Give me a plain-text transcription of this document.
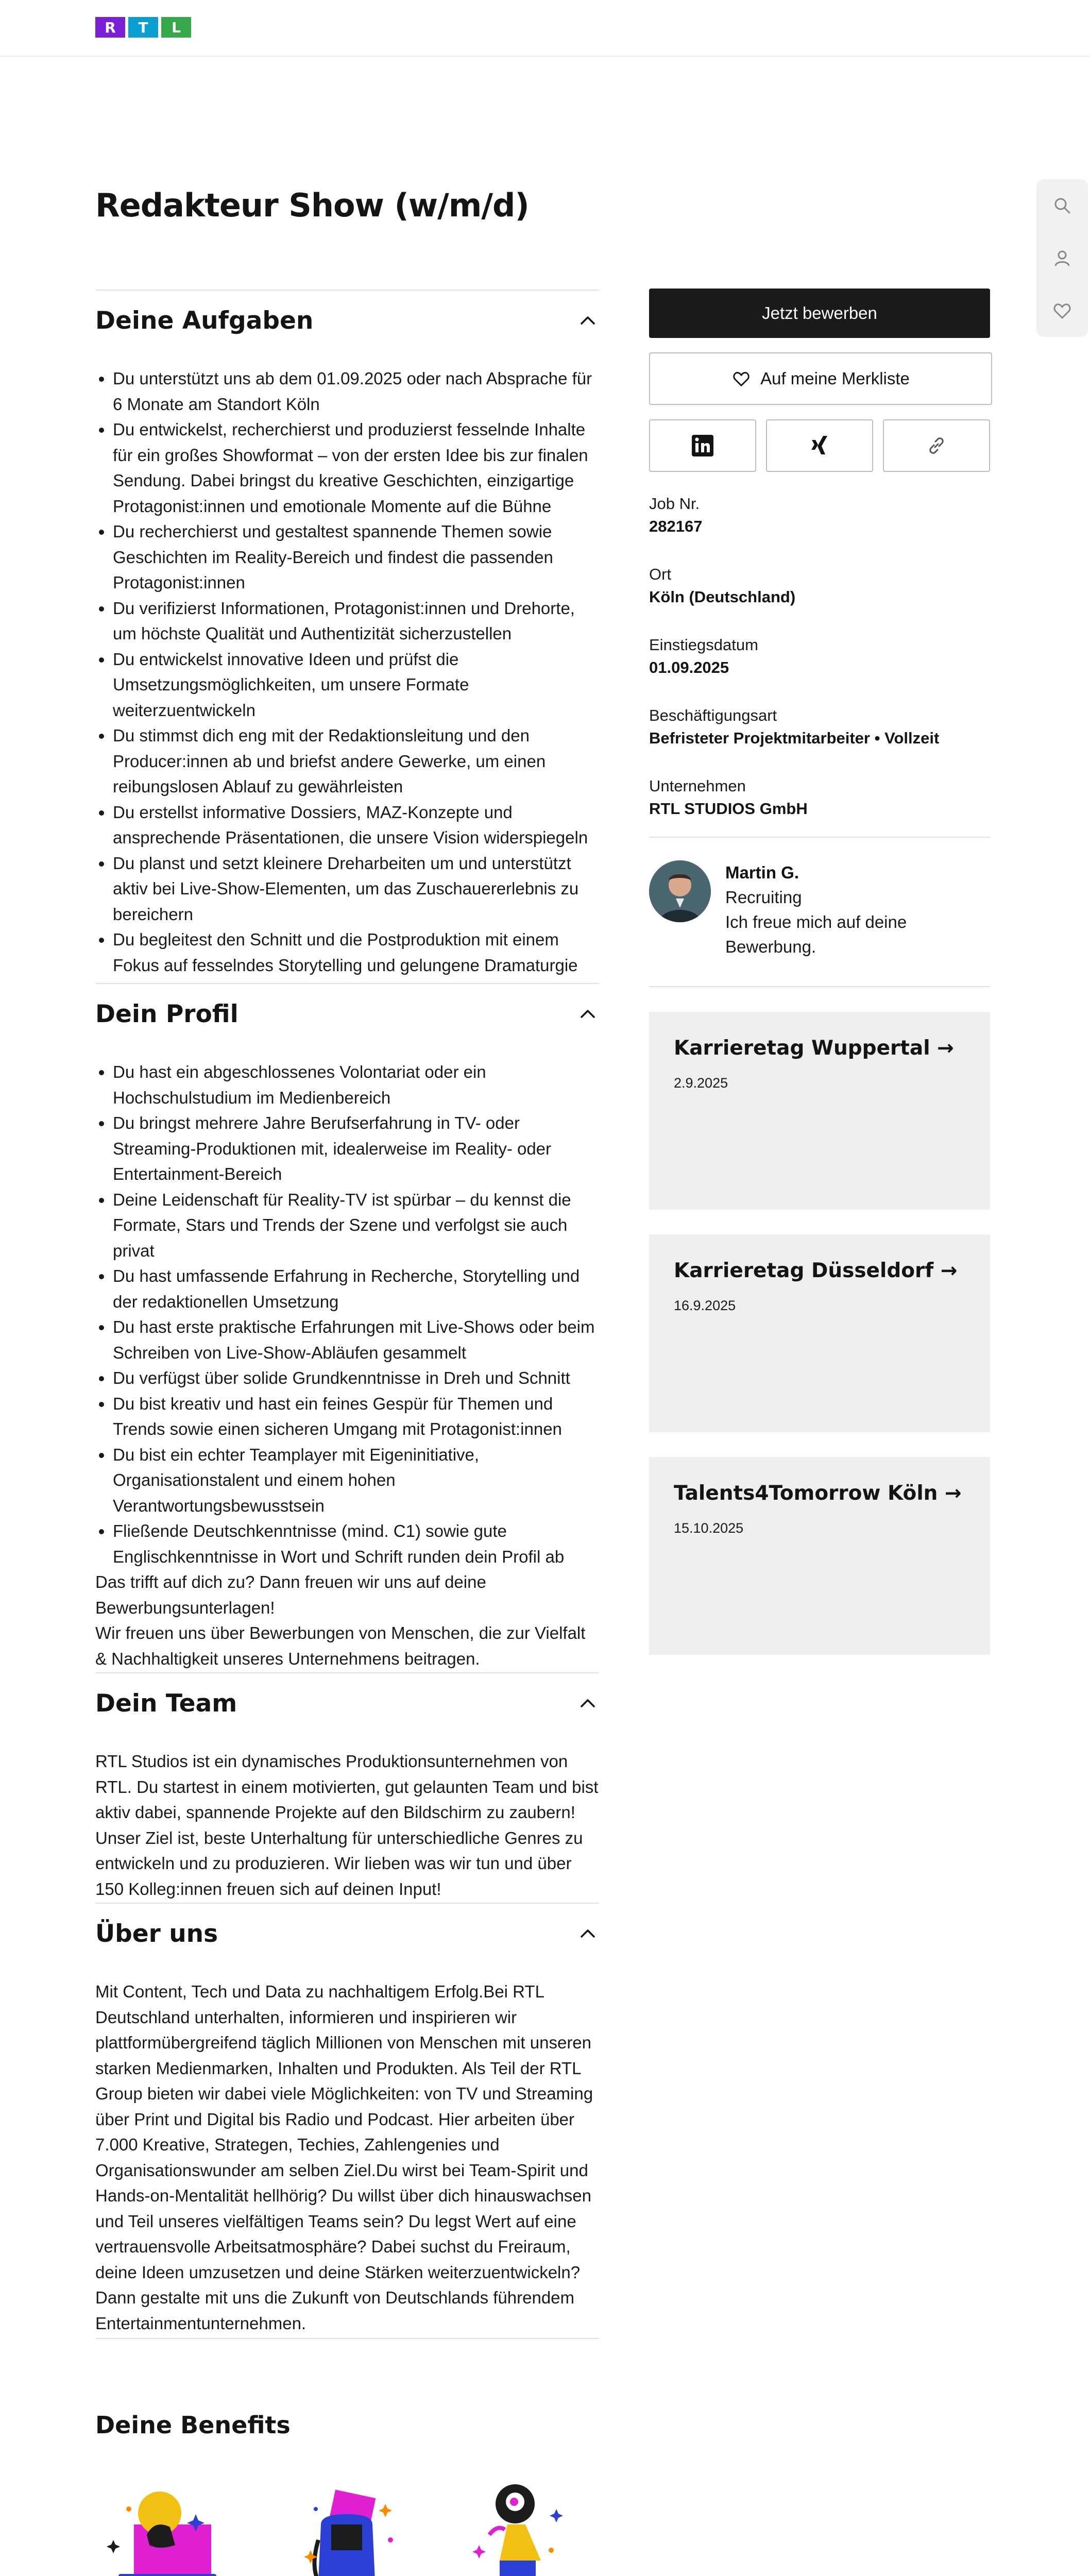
R	T	L
Redakteur Show (w/m/d)
Deine Aufgaben
• Du unterstützt uns ab dem 01.09.2025 oder nach Absprache für 6 Monate am Standort Köln
• Du entwickelst, recherchierst und produzierst fesselnde Inhalte für ein großes Showformat – von der ersten Idee bis zur finalen Sendung. Dabei bringst du kreative Geschichten, einzigartige Protagonist:innen und emotionale Momente auf die Bühne
• Du recherchierst und gestaltest spannende Themen sowie Geschichten im Reality-Bereich und findest die passenden Protagonist:innen
• Du verifizierst Informationen, Protagonist:innen und Drehorte, um höchste Qualität und Authentizität sicherzustellen
• Du entwickelst innovative Ideen und prüfst die Umsetzungsmöglichkeiten, um unsere Formate weiterzuentwickeln
• Du stimmst dich eng mit der Redaktionsleitung und den Producer:innen ab und briefst andere Gewerke, um einen reibungslosen Ablauf zu gewährleisten
• Du erstellst informative Dossiers, MAZ-Konzepte und ansprechende Präsentationen, die unsere Vision widerspiegeln
• Du planst und setzt kleinere Dreharbeiten um und unterstützt aktiv bei Live-Show-Elementen, um das Zuschauererlebnis zu bereichern
• Du begleitest den Schnitt und die Postproduktion mit einem Fokus auf fesselndes Storytelling und gelungene Dramaturgie
Dein Profil
• Du hast ein abgeschlossenes Volontariat oder ein Hochschulstudium im Medienbereich
• Du bringst mehrere Jahre Berufserfahrung in TV- oder Streaming-Produktionen mit, idealerweise im Reality- oder Entertainment-Bereich
• Deine Leidenschaft für Reality-TV ist spürbar – du kennst die Formate, Stars und Trends der Szene und verfolgst sie auch privat
• Du hast umfassende Erfahrung in Recherche, Storytelling und der redaktionellen Umsetzung
• Du hast erste praktische Erfahrungen mit Live-Shows oder beim Schreiben von Live-Show-Abläufen gesammelt
• Du verfügst über solide Grundkenntnisse in Dreh und Schnitt
• Du bist kreativ und hast ein feines Gespür für Themen und Trends sowie einen sicheren Umgang mit Protagonist:innen
• Du bist ein echter Teamplayer mit Eigeninitiative, Organisationstalent und einem hohen Verantwortungsbewusstsein
• Fließende Deutschkenntnisse (mind. C1) sowie gute Englischkenntnisse in Wort und Schrift runden dein Profil ab

Das trifft auf dich zu? Dann freuen wir uns auf deine Bewerbungsunterlagen!

Wir freuen uns über Bewerbungen von Menschen, die zur Vielfalt & Nachhaltigkeit unseres Unternehmens beitragen.

Dein Team

RTL Studios ist ein dynamisches Produktionsunternehmen von RTL. Du startest in einem motivierten, gut gelaunten Team und bist aktiv dabei, spannende Projekte auf den Bildschirm zu zaubern! Unser Ziel ist, beste Unterhaltung für unterschiedliche Genres zu entwickeln und zu produzieren. Wir lieben was wir tun und über 150 Kolleg:innen freuen sich auf deinen Input!

Über uns

Mit Content, Tech und Data zu nachhaltigem Erfolg.Bei RTL Deutschland unterhalten, informieren und inspirieren wir plattformübergreifend täglich Millionen von Menschen mit unseren starken Medienmarken, Inhalten und Produkten. Als Teil der RTL Group bieten wir dabei viele Möglichkeiten: von TV und Streaming über Print und Digital bis Radio und Podcast. Hier arbeiten über 7.000 Kreative, Strategen, Techies, Zahlengenies und Organisationswunder am selben Ziel.Du wirst bei Team-Spirit und Hands-on-Mentalität hellhörig? Du willst über dich hinauswachsen und Teil unseres vielfältigen Teams sein? Du legst Wert auf eine vertrauensvolle Arbeitsatmosphäre? Dabei suchst du Freiraum, deine Ideen umzusetzen und deine Stärken weiterzuentwickeln? Dann gestalte mit uns die Zukunft von Deutschlands führendem Entertainmentunternehmen.

Jetzt bewerben
Auf meine Merkliste
Job Nr.
282167
Ort
Köln (Deutschland)
Einstiegsdatum
01.09.2025
Beschäftigungsart
Befristeter Projektmitarbeiter • Vollzeit
Unternehmen
RTL STUDIOS GmbH
Martin G.
Recruiting
Ich freue mich auf deine Bewerbung.
Karrieretag Wuppertal →
2.9.2025
Karrieretag Düsseldorf →
16.9.2025
Talents4Tomorrow Köln →
15.10.2025
Deine Benefits
